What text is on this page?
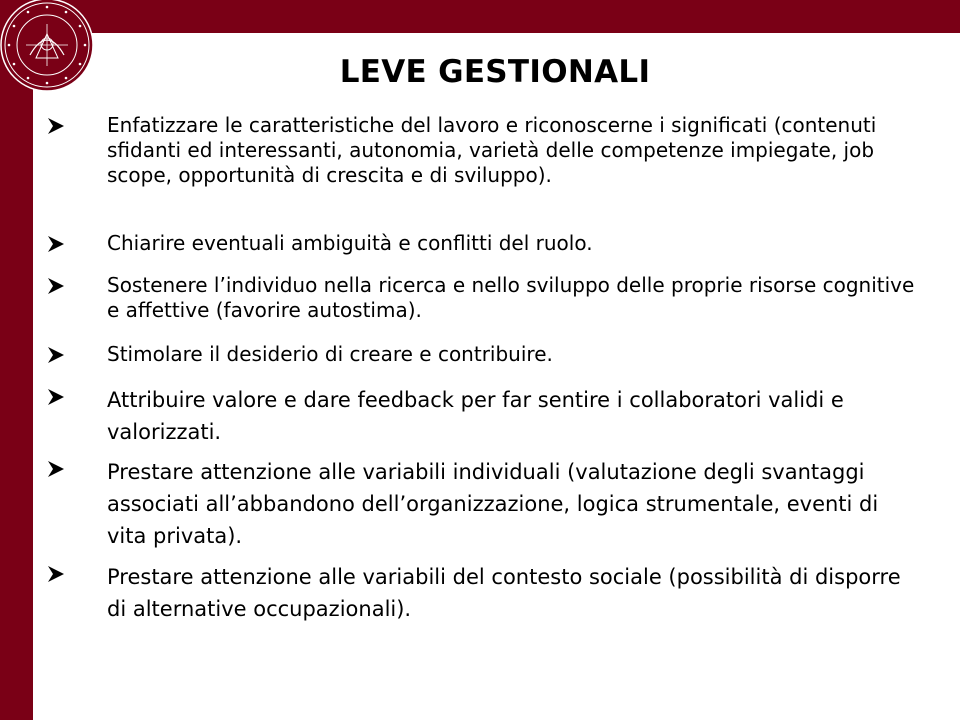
LEVE GESTIONALI
Enfatizzare le caratteristiche del lavoro e riconoscerne i significati (contenuti sfidanti ed interessanti, autonomia, varietà delle competenze impiegate, job scope, opportunità di crescita e di sviluppo).
Chiarire eventuali ambiguità e conflitti del ruolo.
Sostenere l’individuo nella ricerca e nello sviluppo delle proprie risorse cognitive e affettive (favorire autostima).
Stimolare il desiderio di creare e contribuire.
Attribuire valore e dare feedback per far sentire i collaboratori validi e valorizzati.
Prestare attenzione alle variabili individuali (valutazione degli svantaggi associati all’abbandono dell’organizzazione, logica strumentale, eventi di vita privata).
Prestare attenzione alle variabili del contesto sociale (possibilità di disporre di alternative occupazionali).
